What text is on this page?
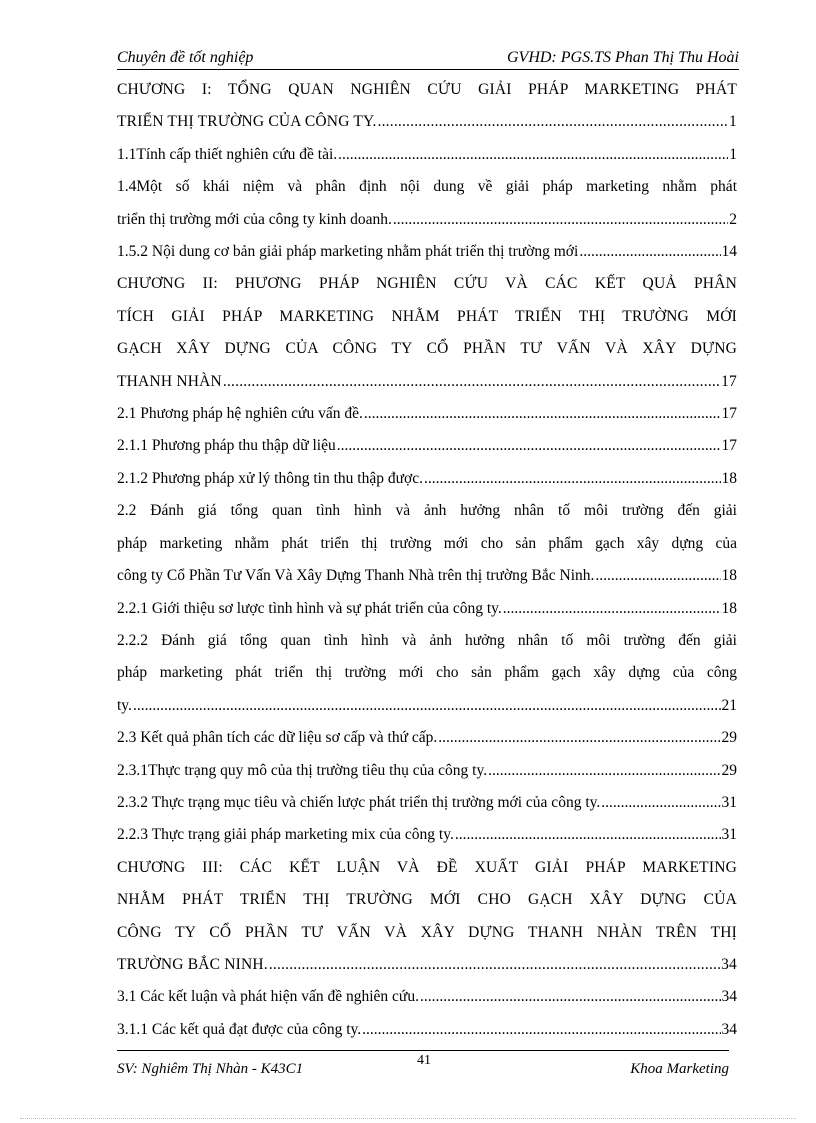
Chuyên đề tốt nghiệp	GVHD: PGS.TS Phan Thị Thu Hoài
CHƯƠNG I: TỔNG QUAN NGHIÊN CỨU GIẢI PHÁP MARKETING PHÁT
TRIỂN THỊ TRƯỜNG CỦA CÔNG TY. .....	1
1.1Tính cấp thiết nghiên cứu đề tài. .....	1
1.4Một số khái niệm và phân định nội dung về giải pháp marketing nhằm phát
triển thị trường mới của công ty kinh doanh. .....	2
1.5.2 Nội dung cơ bản giải pháp marketing nhằm phát triển thị trường mới .....	14
CHƯƠNG II: PHƯƠNG PHÁP NGHIÊN CỨU VÀ CÁC KẾT QUẢ PHÂN
TÍCH GIẢI PHÁP MARKETING NHẰM PHÁT TRIỂN THỊ TRƯỜNG MỚI
GẠCH XÂY DỰNG CỦA CÔNG TY CỔ PHẦN TƯ VẤN VÀ XÂY DỰNG
THANH NHÀN .....	17
2.1 Phương pháp hệ nghiên cứu vấn đề. .....	17
2.1.1 Phương pháp thu thập dữ liệu .....	17
2.1.2 Phương pháp xử lý thông tin thu thập được. .....	18
2.2 Đánh giá tổng quan tình hình và ảnh hưởng nhân tố môi trường đến giải
pháp marketing nhằm phát triển thị trường mới cho sản phẩm gạch xây dựng của
công ty Cổ Phần Tư Vấn Và Xây Dựng Thanh Nhà trên thị trường Bắc Ninh. .....	18
2.2.1 Giới thiệu sơ lược tình hình và sự phát triển của công ty. .....	18
2.2.2 Đánh giá tổng quan tình hình và ảnh hưởng nhân tố môi trường đến giải
pháp marketing phát triển thị trường mới cho sản phẩm gạch xây dựng của công
ty. .....	21
2.3 Kết quả phân tích các dữ liệu sơ cấp và thứ cấp. .....	29
2.3.1Thực trạng quy mô của thị trường tiêu thụ của công ty. .....	29
2.3.2 Thực trạng mục tiêu và chiến lược phát triển thị trường mới của công ty. .....	31
2.2.3 Thực trạng giải pháp marketing mix của công ty. .....	31
CHƯƠNG III: CÁC KẾT LUẬN VÀ ĐỀ XUẤT GIẢI PHÁP MARKETING
NHẰM PHÁT TRIỂN THỊ TRƯỜNG MỚI CHO GẠCH XÂY DỰNG CỦA
CÔNG TY CỔ PHẦN TƯ VẤN VÀ XÂY DỰNG THANH NHÀN TRÊN THỊ
TRƯỜNG BẮC NINH. .....	34
3.1 Các kết luận và phát hiện vấn đề nghiên cứu. .....	34
3.1.1 Các kết quả đạt được của công ty. .....	34
SV: Nghiêm Thị Nhàn - K43C1
41
Khoa Marketing
